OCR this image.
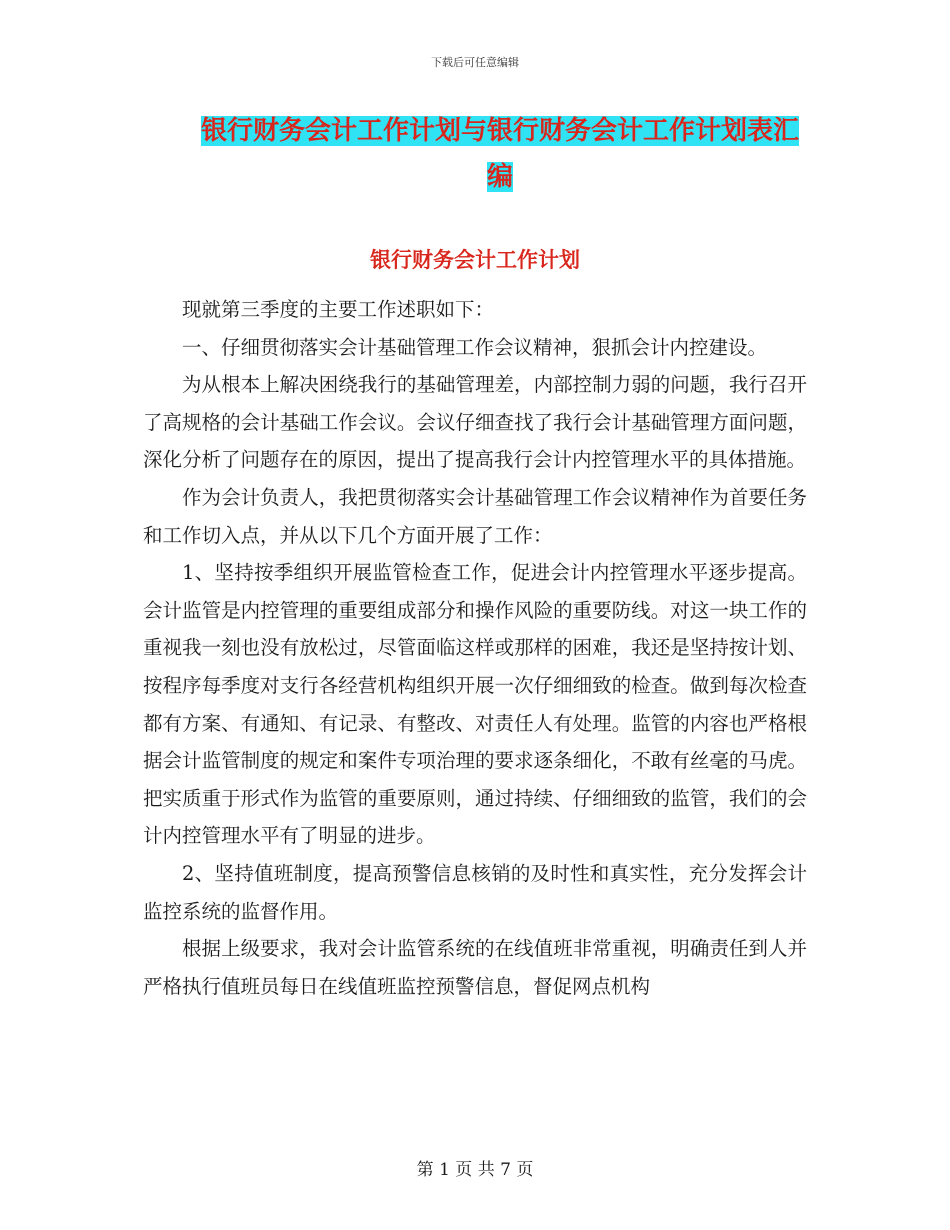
下载后可任意编辑
银行财务会计工作计划与银行财务会计工作计划表汇编
银行财务会计工作计划

现就第三季度的主要工作述职如下：

一、仔细贯彻落实会计基础管理工作会议精神，狠抓会计内控建设。

为从根本上解决困绕我行的基础管理差，内部控制力弱的问题，我行召开了高规格的会计基础工作会议。会议仔细查找了我行会计基础管理方面问题，深化分析了问题存在的原因，提出了提高我行会计内控管理水平的具体措施。

作为会计负责人，我把贯彻落实会计基础管理工作会议精神作为首要任务和工作切入点，并从以下几个方面开展了工作：

1、坚持按季组织开展监管检查工作，促进会计内控管理水平逐步提高。会计监管是内控管理的重要组成部分和操作风险的重要防线。对这一块工作的重视我一刻也没有放松过，尽管面临这样或那样的困难，我还是坚持按计划、按程序每季度对支行各经营机构组织开展一次仔细细致的检查。做到每次检查都有方案、有通知、有记录、有整改、对责任人有处理。监管的内容也严格根据会计监管制度的规定和案件专项治理的要求逐条细化，不敢有丝毫的马虎。把实质重于形式作为监管的重要原则，通过持续、仔细细致的监管，我们的会计内控管理水平有了明显的进步。

2、坚持值班制度，提高预警信息核销的及时性和真实性，充分发挥会计监控系统的监督作用。

根据上级要求，我对会计监管系统的在线值班非常重视，明确责任到人并严格执行值班员每日在线值班监控预警信息，督促网点机构

第 1 页 共 7 页
